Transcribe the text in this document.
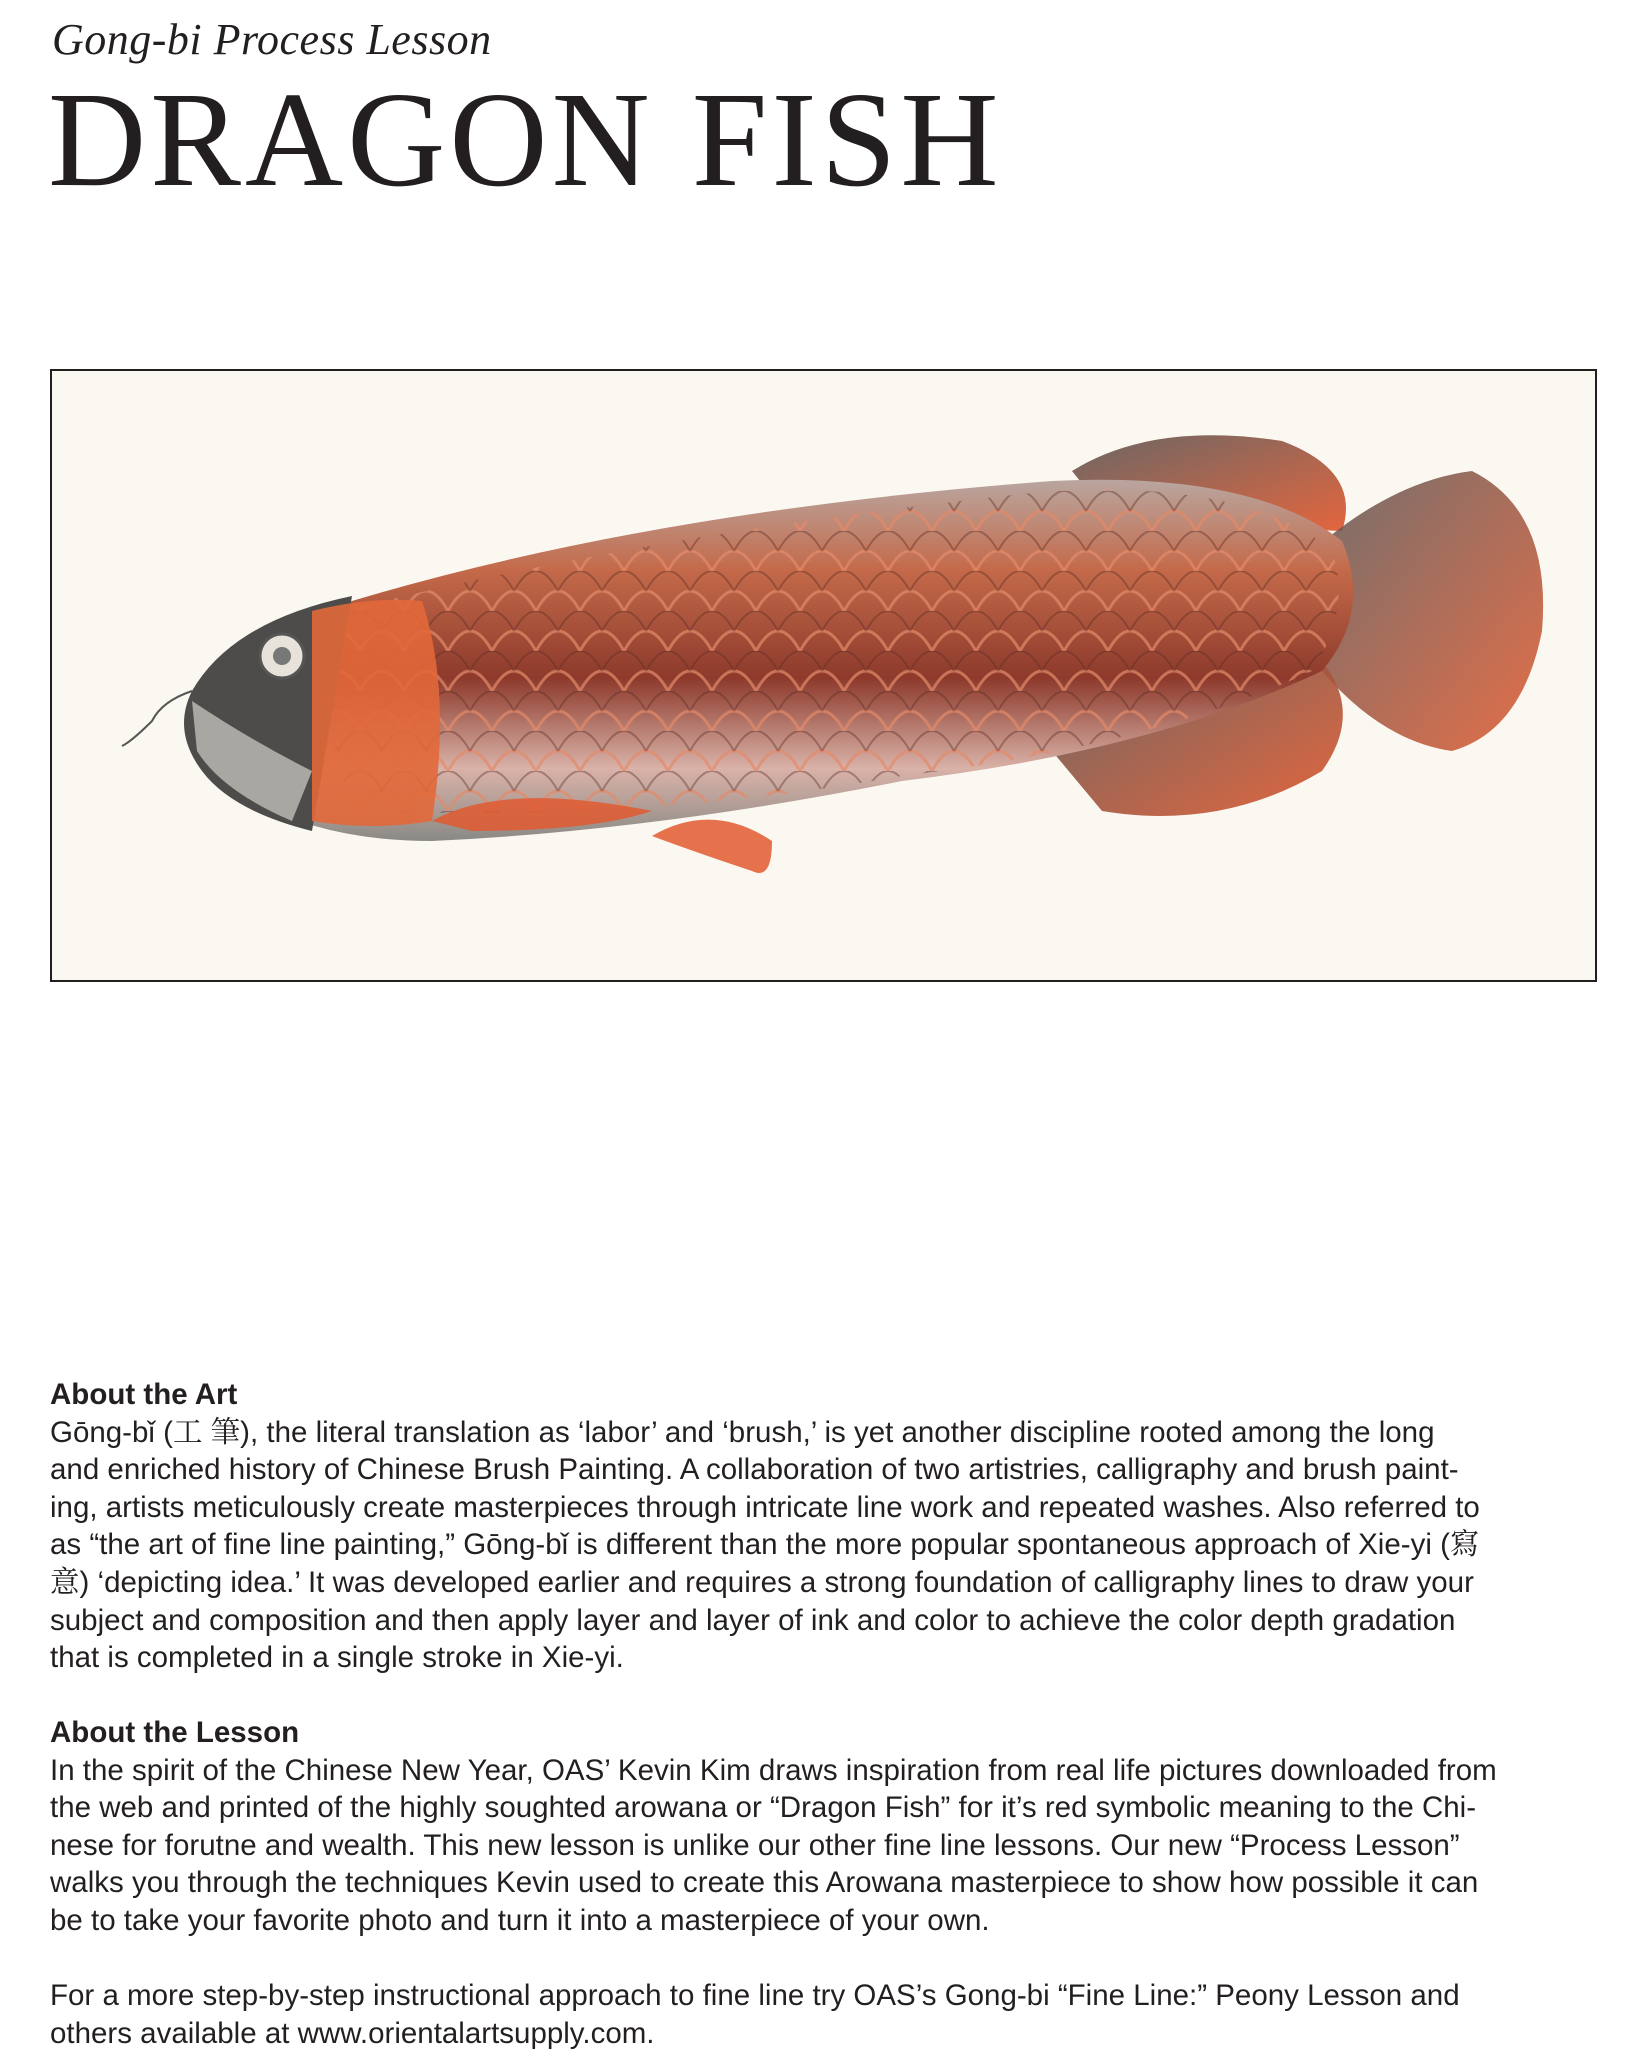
Gong-bi Process Lesson
DRAGON FISH
About the Art
Gōng-bǐ (工 筆), the literal translation as ‘labor’ and ‘brush,’ is yet another discipline rooted among the long
and enriched history of Chinese Brush Painting. A collaboration of two artistries, calligraphy and brush paint-
ing, artists meticulously create masterpieces through intricate line work and repeated washes. Also referred to
as “the art of fine line painting,” Gōng-bǐ is different than the more popular spontaneous approach of Xie-yi (寫
意) ‘depicting idea.’ It was developed earlier and requires a strong foundation of calligraphy lines to draw your
subject and composition and then apply layer and layer of ink and color to achieve the color depth gradation
that is completed in a single stroke in Xie-yi.
About the Lesson
In the spirit of the Chinese New Year, OAS’ Kevin Kim draws inspiration from real life pictures downloaded from
the web and printed of the highly soughted arowana or “Dragon Fish” for it’s red symbolic meaning to the Chi-
nese for forutne and wealth. This new lesson is unlike our other fine line lessons. Our new “Process Lesson”
walks you through the techniques Kevin used to create this Arowana masterpiece to show how possible it can
be to take your favorite photo and turn it into a masterpiece of your own.
For a more step-by-step instructional approach to fine line try OAS’s Gong-bi “Fine Line:” Peony Lesson and
others available at www.orientalartsupply.com.
